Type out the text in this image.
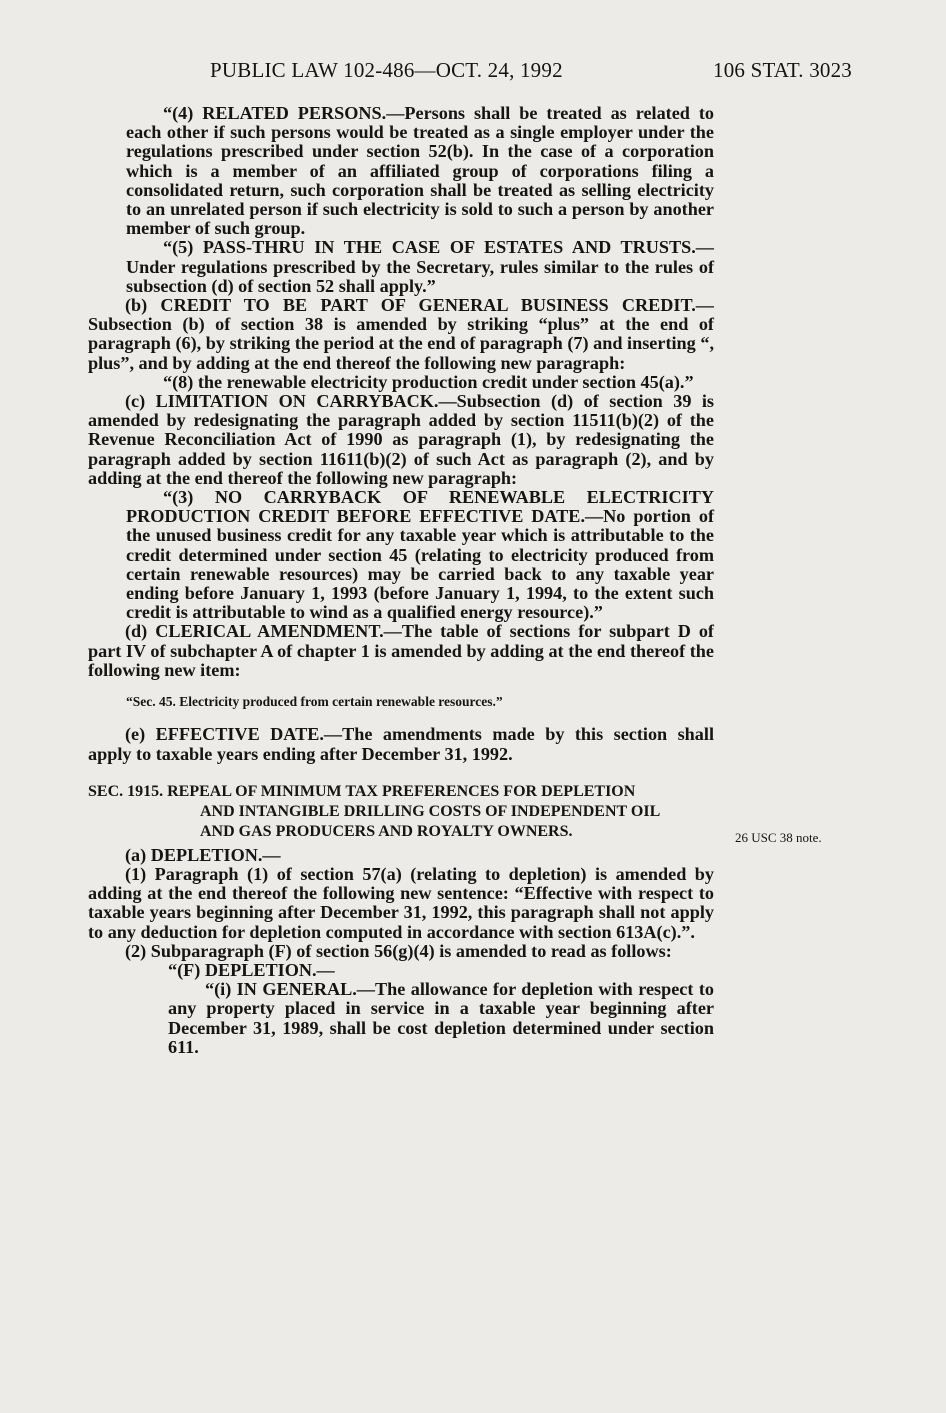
PUBLIC LAW 102-486—OCT. 24, 1992	106 STAT. 3023

“(4) RELATED PERSONS.—Persons shall be treated as related to each other if such persons would be treated as a single employer under the regulations prescribed under section 52(b). In the case of a corporation which is a member of an affiliated group of corporations filing a consolidated return, such corporation shall be treated as selling electricity to an unrelated person if such electricity is sold to such a person by another member of such group.

“(5) PASS-THRU IN THE CASE OF ESTATES AND TRUSTS.—Under regulations prescribed by the Secretary, rules similar to the rules of subsection (d) of section 52 shall apply.”

(b) CREDIT TO BE PART OF GENERAL BUSINESS CREDIT.—Subsection (b) of section 38 is amended by striking “plus” at the end of paragraph (6), by striking the period at the end of paragraph (7) and inserting “, plus”, and by adding at the end thereof the following new paragraph:

“(8) the renewable electricity production credit under section 45(a).”

(c) LIMITATION ON CARRYBACK.—Subsection (d) of section 39 is amended by redesignating the paragraph added by section 11511(b)(2) of the Revenue Reconciliation Act of 1990 as paragraph (1), by redesignating the paragraph added by section 11611(b)(2) of such Act as paragraph (2), and by adding at the end thereof the following new paragraph:

“(3) NO CARRYBACK OF RENEWABLE ELECTRICITY PRODUCTION CREDIT BEFORE EFFECTIVE DATE.—No portion of the unused business credit for any taxable year which is attributable to the credit determined under section 45 (relating to electricity produced from certain renewable resources) may be carried back to any taxable year ending before January 1, 1993 (before January 1, 1994, to the extent such credit is attributable to wind as a qualified energy resource).”

(d) CLERICAL AMENDMENT.—The table of sections for subpart D of part IV of subchapter A of chapter 1 is amended by adding at the end thereof the following new item:

“Sec. 45. Electricity produced from certain renewable resources.”

(e) EFFECTIVE DATE.—The amendments made by this section shall apply to taxable years ending after December 31, 1992.

SEC. 1915. REPEAL OF MINIMUM TAX PREFERENCES FOR DEPLETION
AND INTANGIBLE DRILLING COSTS OF INDEPENDENT OIL
AND GAS PRODUCERS AND ROYALTY OWNERS.

(a) DEPLETION.—

(1) Paragraph (1) of section 57(a) (relating to depletion) is amended by adding at the end thereof the following new sentence: “Effective with respect to taxable years beginning after December 31, 1992, this paragraph shall not apply to any deduction for depletion computed in accordance with section 613A(c).”.

(2) Subparagraph (F) of section 56(g)(4) is amended to read as follows:

“(F) DEPLETION.—

“(i) IN GENERAL.—The allowance for depletion with respect to any property placed in service in a taxable year beginning after December 31, 1989, shall be cost depletion determined under section 611.

26 USC 38 note.
